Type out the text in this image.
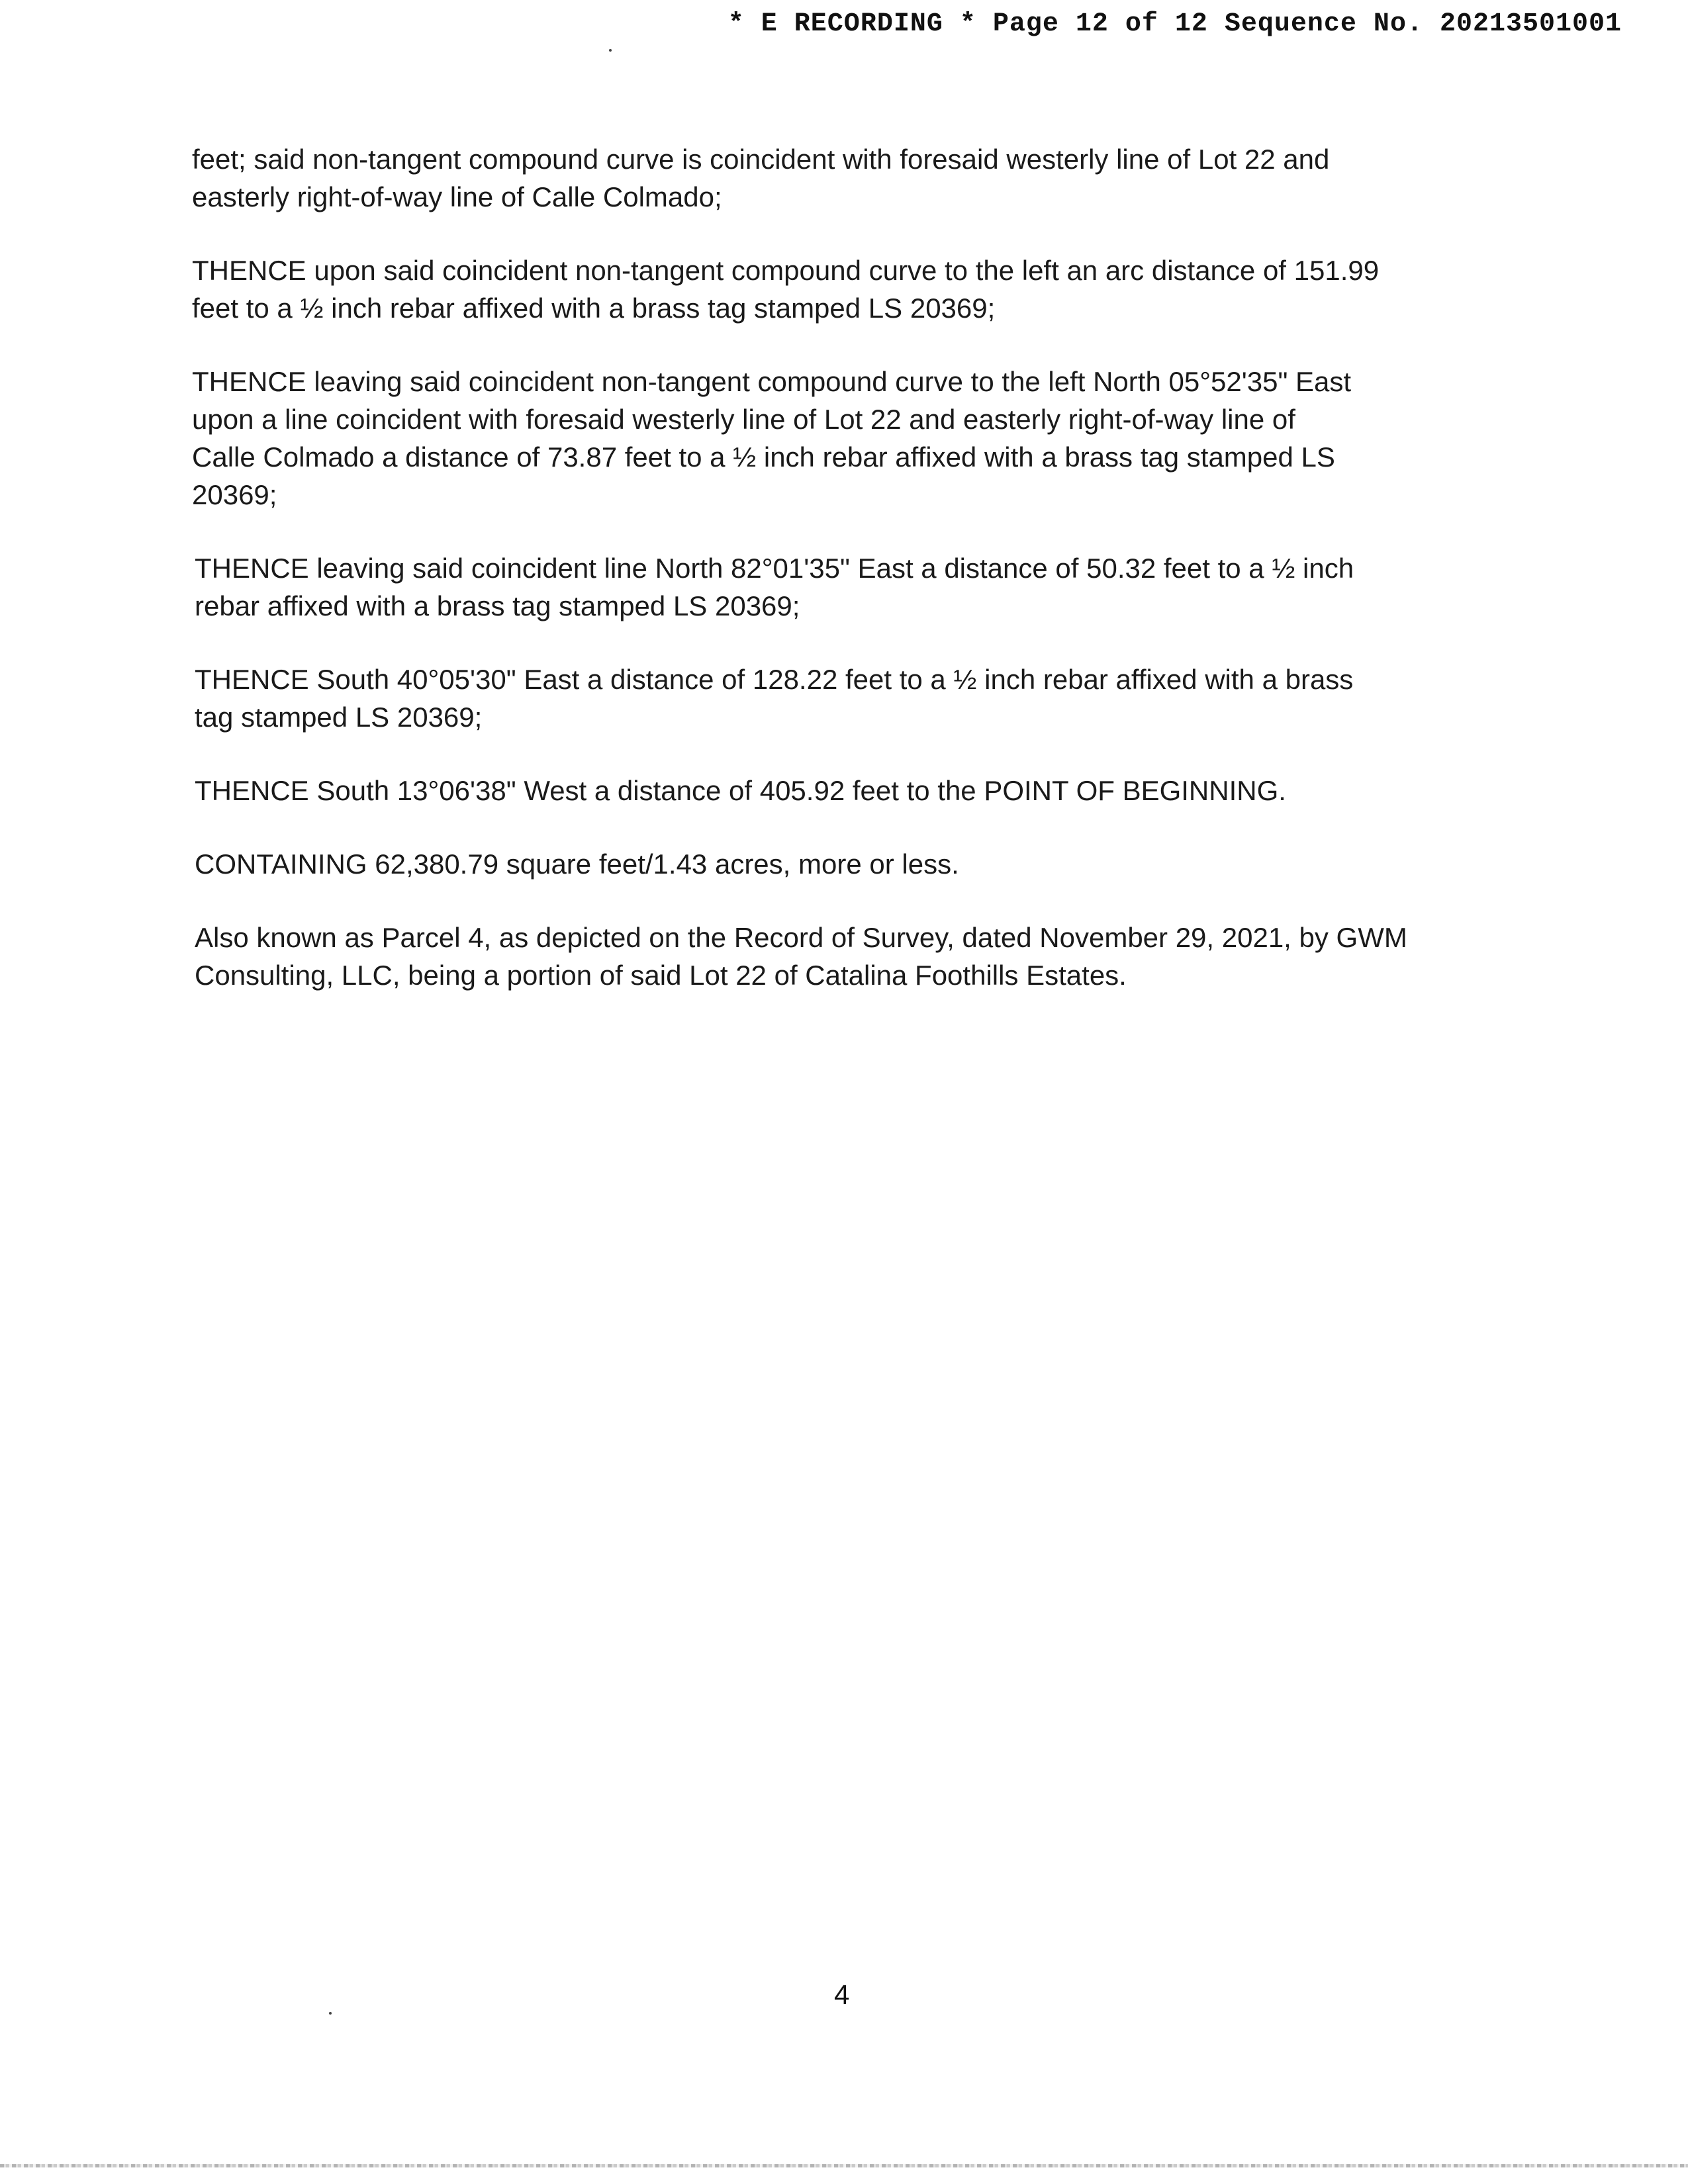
* E RECORDING * Page 12 of 12 Sequence No. 20213501001

feet; said non-tangent compound curve is coincident with foresaid westerly line of Lot 22 and
easterly right-of-way line of Calle Colmado;

THENCE upon said coincident non-tangent compound curve to the left an arc distance of 151.99
feet to a ½ inch rebar affixed with a brass tag stamped LS 20369;

THENCE leaving said coincident non-tangent compound curve to the left North 05°52'35" East
upon a line coincident with foresaid westerly line of Lot 22 and easterly right-of-way line of
Calle Colmado a distance of 73.87 feet to a ½ inch rebar affixed with a brass tag stamped LS
20369;

THENCE leaving said coincident line North 82°01'35" East a distance of 50.32 feet to a ½ inch
rebar affixed with a brass tag stamped LS 20369;

THENCE South 40°05'30" East a distance of 128.22 feet to a ½ inch rebar affixed with a brass
tag stamped LS 20369;

THENCE South 13°06'38" West a distance of 405.92 feet to the POINT OF BEGINNING.

CONTAINING 62,380.79 square feet/1.43 acres, more or less.

Also known as Parcel 4, as depicted on the Record of Survey, dated November 29, 2021, by GWM
Consulting, LLC, being a portion of said Lot 22 of Catalina Foothills Estates.

4
